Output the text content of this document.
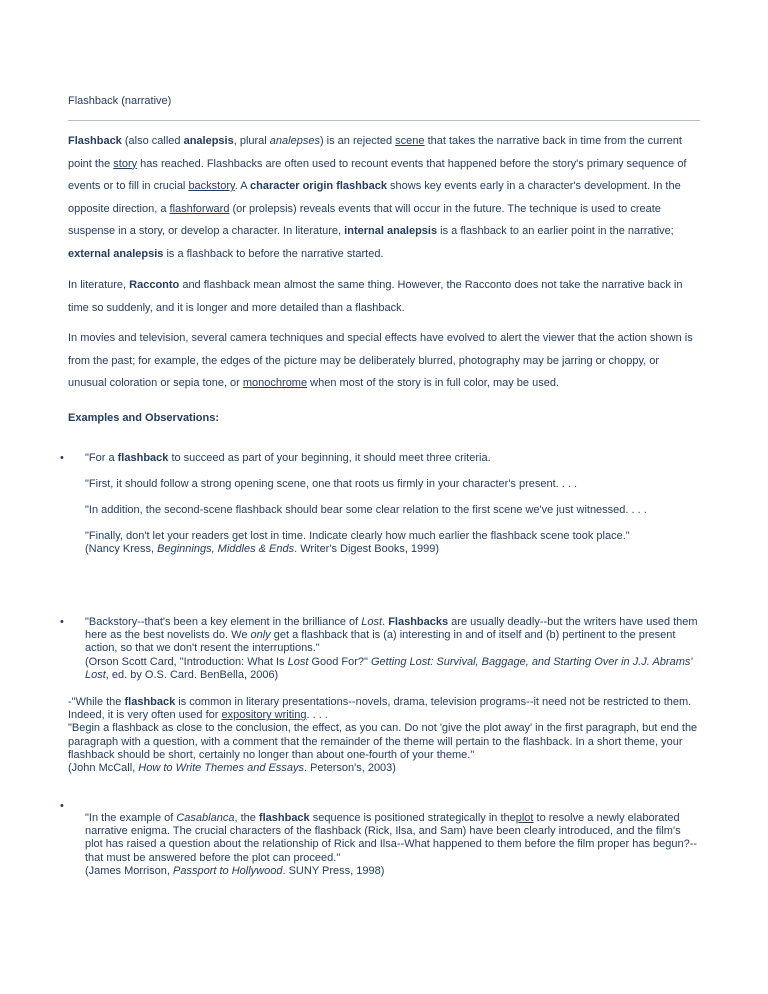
Flashback (narrative)

Flashback (also called analepsis, plural analepses) is an rejected scene that takes the narrative back in time from the current point the story has reached. Flashbacks are often used to recount events that happened before the story's primary sequence of events or to fill in crucial backstory. A character origin flashback shows key events early in a character's development. In the opposite direction, a flashforward (or prolepsis) reveals events that will occur in the future. The technique is used to create suspense in a story, or develop a character. In literature, internal analepsis is a flashback to an earlier point in the narrative; external analepsis is a flashback to before the narrative started.

In literature, Racconto and flashback mean almost the same thing. However, the Racconto does not take the narrative back in time so suddenly, and it is longer and more detailed than a flashback.

In movies and television, several camera techniques and special effects have evolved to alert the viewer that the action shown is from the past; for example, the edges of the picture may be deliberately blurred, photography may be jarring or choppy, or unusual coloration or sepia tone, or monochrome when most of the story is in full color, may be used.

Examples and Observations:
• "For a flashback to succeed as part of your beginning, it should meet three criteria.

"First, it should follow a strong opening scene, one that roots us firmly in your character's present. . . .

"In addition, the second-scene flashback should bear some clear relation to the first scene we've just witnessed. . . .

"Finally, don't let your readers get lost in time. Indicate clearly how much earlier the flashback scene took place."
(Nancy Kress, Beginnings, Middles & Ends. Writer's Digest Books, 1999)

• "Backstory--that's been a key element in the brilliance of Lost. Flashbacks are usually deadly--but the writers have used them here as the best novelists do. We only get a flashback that is (a) interesting in and of itself and (b) pertinent to the present action, so that we don't resent the interruptions."
(Orson Scott Card, "Introduction: What Is Lost Good For?" Getting Lost: Survival, Baggage, and Starting Over in J.J. Abrams' Lost, ed. by O.S. Card. BenBella, 2006)

-"While the flashback is common in literary presentations--novels, drama, television programs--it need not be restricted to them. Indeed, it is very often used for expository writing. . . .
"Begin a flashback as close to the conclusion, the effect, as you can. Do not 'give the plot away' in the first paragraph, but end the paragraph with a question, with a comment that the remainder of the theme will pertain to the flashback. In a short theme, your flashback should be short, certainly no longer than about one-fourth of your theme."
(John McCall, How to Write Themes and Essays. Peterson's, 2003)

•

"In the example of Casablanca, the flashback sequence is positioned strategically in theplot to resolve a newly elaborated narrative enigma. The crucial characters of the flashback (Rick, Ilsa, and Sam) have been clearly introduced, and the film's plot has raised a question about the relationship of Rick and Ilsa--What happened to them before the film proper has begun?--that must be answered before the plot can proceed."
(James Morrison, Passport to Hollywood. SUNY Press, 1998)
